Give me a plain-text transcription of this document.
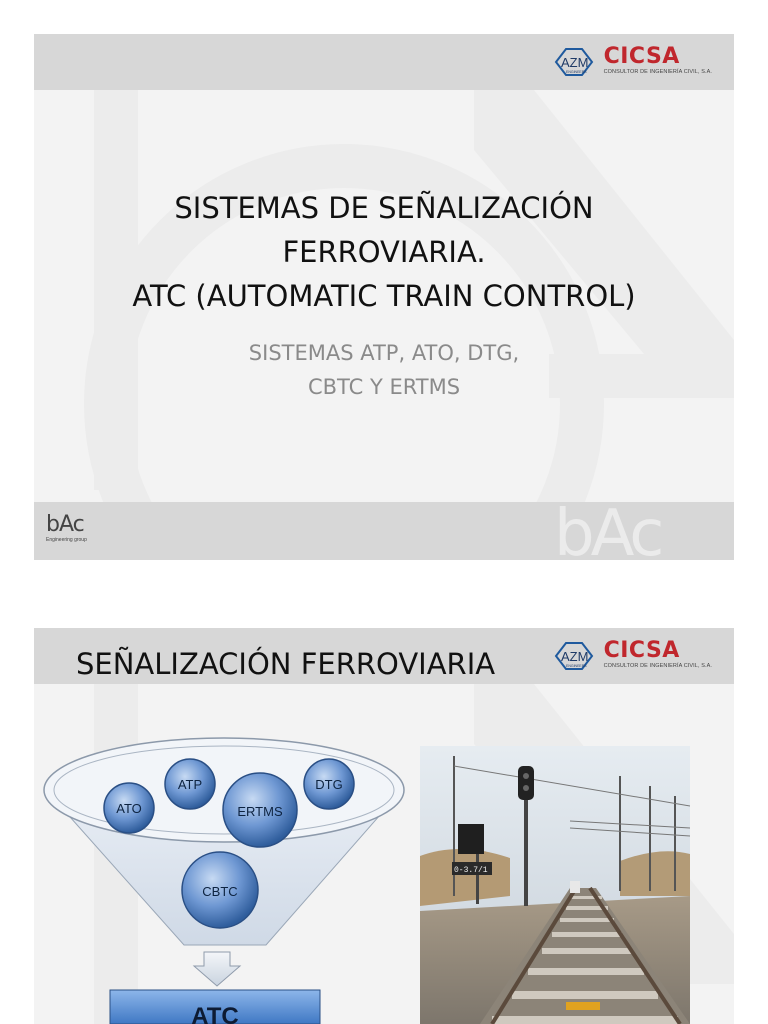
AZM
ENGINEERS
CICSA
CONSULTOR DE INGENIERÍA CIVIL, S.A.
SISTEMAS DE SEÑALIZACIÓN
FERROVIARIA.
ATC (AUTOMATIC TRAIN CONTROL)
SISTEMAS ATP, ATO, DTG,
CBTC Y ERTMS
bAc
Engineering group	bAc
SEÑALIZACIÓN FERROVIARIA	AZM
ENGINEERS
CICSA
CONSULTOR DE INGENIERÍA CIVIL, S.A.
ATO
ATP
ERTMS
DTG
CBTC
ATC
0-3.7/1
